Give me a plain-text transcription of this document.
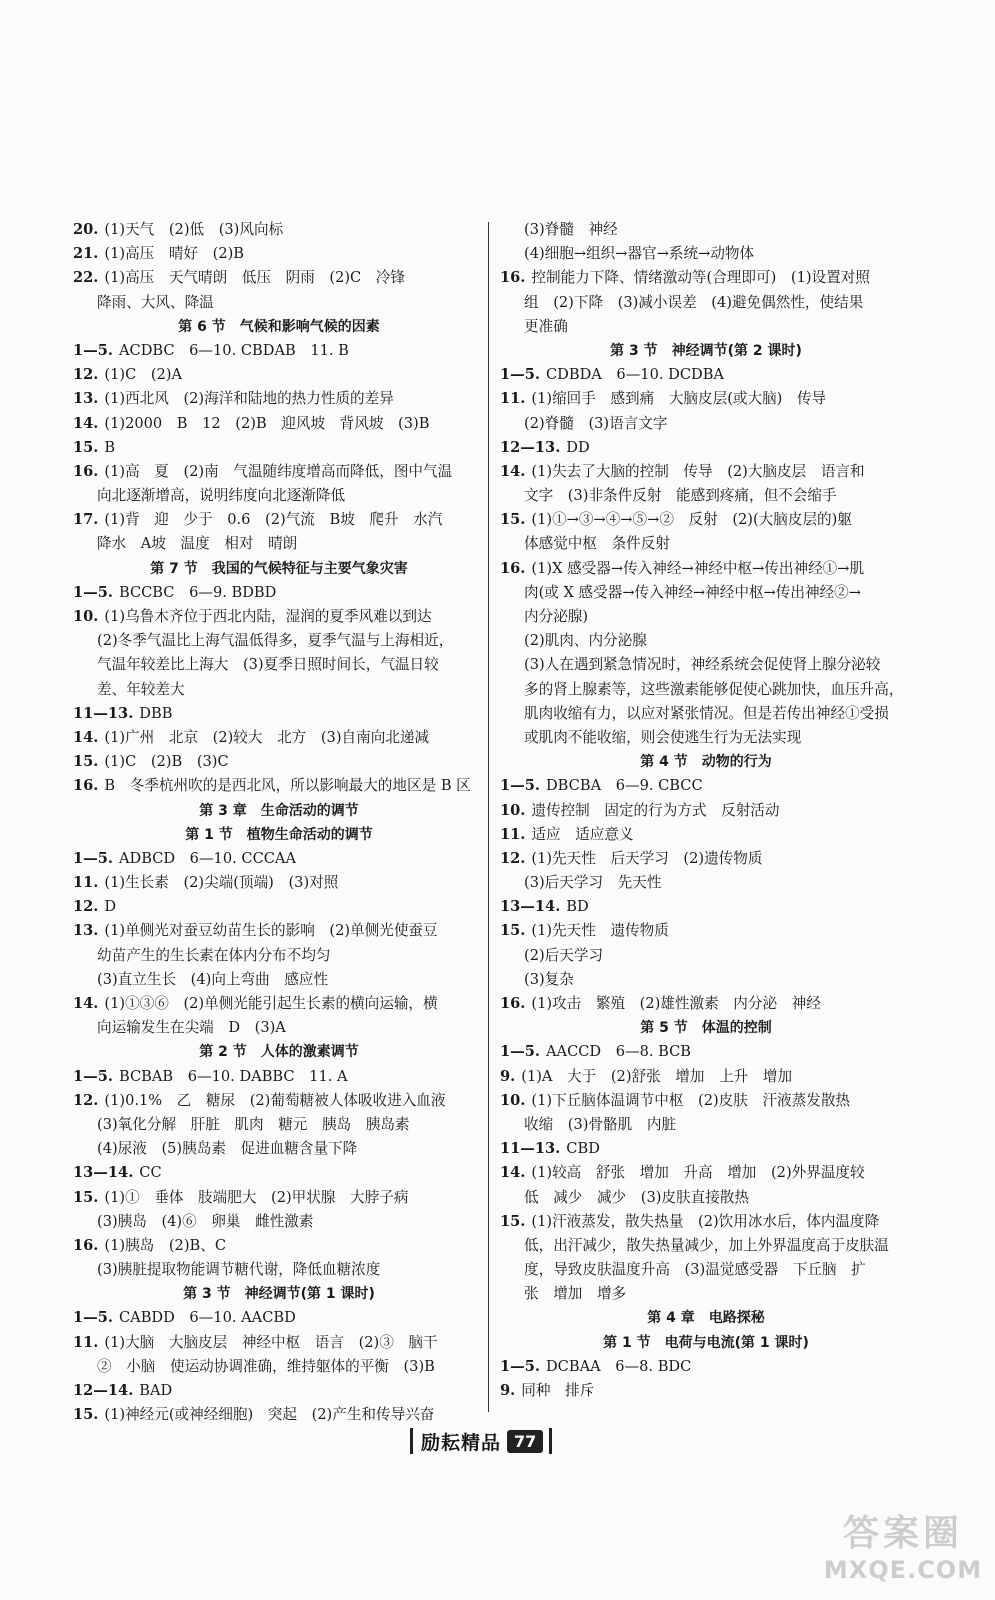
20. (1)天气　(2)低　(3)风向标
21. (1)高压　晴好　(2)B
22. (1)高压　天气晴朗　低压　阴雨　(2)C　冷锋
降雨、大风、降温
第 6 节　气候和影响气候的因素
1—5. ACDBC　6—10. CBDAB　11. B
12. (1)C　(2)A
13. (1)西北风　(2)海洋和陆地的热力性质的差异
14. (1)2000　B　12　(2)B　迎风坡　背风坡　(3)B
15. B
16. (1)高　夏　(2)南　气温随纬度增高而降低，图中气温
向北逐渐增高，说明纬度向北逐渐降低
17. (1)背　迎　少于　0.6　(2)气流　B坡　爬升　水汽
降水　A坡　温度　相对　晴朗
第 7 节　我国的气候特征与主要气象灾害
1—5. BCCBC　6—9. BDBD
10. (1)乌鲁木齐位于西北内陆，湿润的夏季风难以到达
(2)冬季气温比上海气温低得多，夏季气温与上海相近，
气温年较差比上海大　(3)夏季日照时间长，气温日较
差、年较差大
11—13. DBB
14. (1)广州　北京　(2)较大　北方　(3)自南向北递减
15. (1)C　(2)B　(3)C
16. B　冬季杭州吹的是西北风，所以影响最大的地区是 B 区
第 3 章　生命活动的调节
第 1 节　植物生命活动的调节
1—5. ADBCD　6—10. CCCAA
11. (1)生长素　(2)尖端(顶端)　(3)对照
12. D
13. (1)单侧光对蚕豆幼苗生长的影响　(2)单侧光使蚕豆
幼苗产生的生长素在体内分布不均匀
(3)直立生长　(4)向上弯曲　感应性
14. (1)①③⑥　(2)单侧光能引起生长素的横向运输，横
向运输发生在尖端　D　(3)A
第 2 节　人体的激素调节
1—5. BCBAB　6—10. DABBC　11. A
12. (1)0.1%　乙　糖尿　(2)葡萄糖被人体吸收进入血液
(3)氧化分解　肝脏　肌肉　糖元　胰岛　胰岛素
(4)尿液　(5)胰岛素　促进血糖含量下降
13—14. CC
15. (1)①　垂体　肢端肥大　(2)甲状腺　大脖子病
(3)胰岛　(4)⑥　卵巢　雌性激素
16. (1)胰岛　(2)B、C
(3)胰脏提取物能调节糖代谢，降低血糖浓度
第 3 节　神经调节(第 1 课时)
1—5. CABDD　6—10. AACBD
11. (1)大脑　大脑皮层　神经中枢　语言　(2)③　脑干
②　小脑　使运动协调准确，维持躯体的平衡　(3)B
12—14. BAD
15. (1)神经元(或神经细胞)　突起　(2)产生和传导兴奋
(3)脊髓　神经
(4)细胞→组织→器官→系统→动物体
16. 控制能力下降、情绪激动等(合理即可)　(1)设置对照
组　(2)下降　(3)减小误差　(4)避免偶然性，使结果
更准确
第 3 节　神经调节(第 2 课时)
1—5. CDBDA　6—10. DCDBA
11. (1)缩回手　感到痛　大脑皮层(或大脑)　传导
(2)脊髓　(3)语言文字
12—13. DD
14. (1)失去了大脑的控制　传导　(2)大脑皮层　语言和
文字　(3)非条件反射　能感到疼痛，但不会缩手
15. (1)①→③→④→⑤→②　反射　(2)(大脑皮层的)躯
体感觉中枢　条件反射
16. (1)X 感受器→传入神经→神经中枢→传出神经①→肌
肉(或 X 感受器→传入神经→神经中枢→传出神经②→
内分泌腺)
(2)肌肉、内分泌腺
(3)人在遇到紧急情况时，神经系统会促使肾上腺分泌较
多的肾上腺素等，这些激素能够促使心跳加快，血压升高，
肌肉收缩有力，以应对紧张情况。但是若传出神经①受损
或肌肉不能收缩，则会使逃生行为无法实现
第 4 节　动物的行为
1—5. DBCBA　6—9. CBCC
10. 遗传控制　固定的行为方式　反射活动
11. 适应　适应意义
12. (1)先天性　后天学习　(2)遗传物质
(3)后天学习　先天性
13—14. BD
15. (1)先天性　遗传物质
(2)后天学习
(3)复杂
16. (1)攻击　繁殖　(2)雄性激素　内分泌　神经
第 5 节　体温的控制
1—5. AACCD　6—8. BCB
9. (1)A　大于　(2)舒张　增加　上升　增加
10. (1)下丘脑体温调节中枢　(2)皮肤　汗液蒸发散热
收缩　(3)骨骼肌　内脏
11—13. CBD
14. (1)较高　舒张　增加　升高　增加　(2)外界温度较
低　减少　减少　(3)皮肤直接散热
15. (1)汗液蒸发，散失热量　(2)饮用冰水后，体内温度降
低，出汗减少，散失热量减少，加上外界温度高于皮肤温
度，导致皮肤温度升高　(3)温觉感受器　下丘脑　扩
张　增加　增多
第 4 章　电路探秘
第 1 节　电荷与电流(第 1 课时)
1—5. DCBAA　6—8. BDC
9. 同种　排斥
励耘精品 77
答案圈
MXQE.COM
